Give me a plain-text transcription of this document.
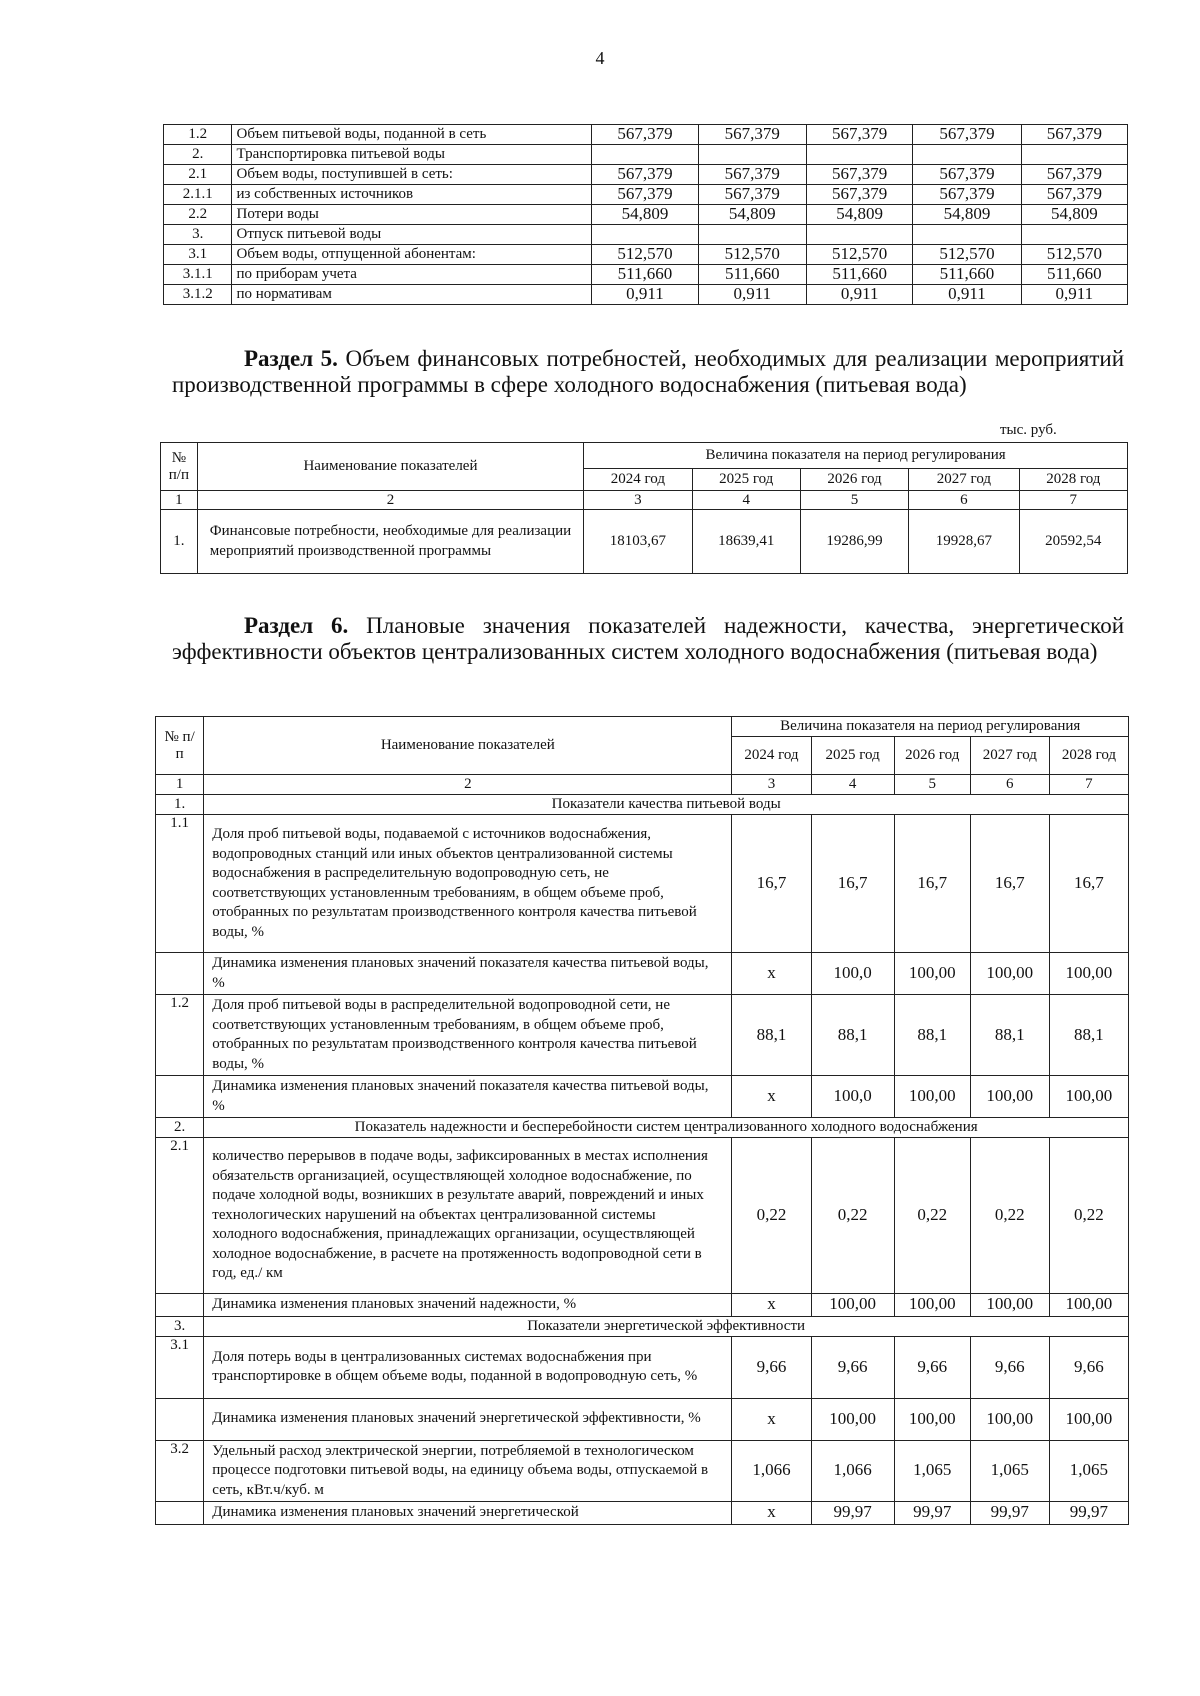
4
1.2	Объем питьевой воды, поданной в сеть	567,379	567,379	567,379	567,379	567,379
2.	Транспортировка питьевой воды					
2.1	Объем воды, поступившей в сеть:	567,379	567,379	567,379	567,379	567,379
2.1.1	из собственных источников	567,379	567,379	567,379	567,379	567,379
2.2	Потери воды	54,809	54,809	54,809	54,809	54,809
3.	Отпуск питьевой воды					
3.1	Объем воды, отпущенной абонентам:	512,570	512,570	512,570	512,570	512,570
3.1.1	по приборам учета	511,660	511,660	511,660	511,660	511,660
3.1.2	по нормативам	0,911	0,911	0,911	0,911	0,911
Раздел 5. Объем финансовых потребностей, необходимых для реализации мероприятий производственной программы в сфере холодного водоснабжения (питьевая вода)
тыс. руб.
№ п/п	Наименование показателей	Величина показателя на период регулирования				
		2024 год	2025 год	2026 год	2027 год	2028 год
1	2	3	4	5	6	7
1.	Финансовые потребности, необходимые для реализации мероприятий производственной программы	18103,67	18639,41	19286,99	19928,67	20592,54
Раздел 6. Плановые значения показателей надежности, качества, энергетической эффективности объектов централизованных систем холодного водоснабжения (питьевая вода)
№ п/ п	Наименование показателей	Величина показателя на период регулирования				
		2024 год	2025 год	2026 год	2027 год	2028 год
1	2	3	4	5	6	7
1.	Показатели качества питьевой воды					
1.1	Доля проб питьевой воды, подаваемой с источников водоснабжения, водопроводных станций или иных объектов централизованной системы водоснабжения в распределительную водопроводную сеть, не соответствующих установленным требованиям, в общем объеме проб, отобранных по результатам производственного контроля качества питьевой воды, %	16,7	16,7	16,7	16,7	16,7
	Динамика изменения плановых значений показателя качества питьевой воды, %	х	100,0	100,00	100,00	100,00
1.2	Доля проб питьевой воды в распределительной водопроводной сети, не соответствующих установленным требованиям, в общем объеме проб, отобранных по результатам производственного контроля качества питьевой воды, %	88,1	88,1	88,1	88,1	88,1
	Динамика изменения плановых значений показателя качества питьевой воды, %	х	100,0	100,00	100,00	100,00
2.	Показатель надежности и бесперебойности систем централизованного холодного водоснабжения					
2.1	количество перерывов в подаче воды, зафиксированных в местах исполнения обязательств организацией, осуществляющей холодное водоснабжение, по подаче холодной воды, возникших в результате аварий, повреждений и иных технологических нарушений на объектах централизованной системы холодного водоснабжения, принадлежащих организации, осуществляющей холодное водоснабжение, в расчете на протяженность водопроводной сети в год, ед./ км	0,22	0,22	0,22	0,22	0,22
	Динамика изменения плановых значений надежности, %	х	100,00	100,00	100,00	100,00
3.	Показатели энергетической эффективности					
3.1	Доля потерь воды в централизованных системах водоснабжения при транспортировке в общем объеме воды, поданной в водопроводную сеть, %	9,66	9,66	9,66	9,66	9,66
	Динамика изменения плановых значений энергетической эффективности, %	х	100,00	100,00	100,00	100,00
3.2	Удельный расход электрической энергии, потребляемой в технологическом процессе подготовки питьевой воды, на единицу объема воды, отпускаемой в сеть, кВт.ч/куб. м	1,066	1,066	1,065	1,065	1,065
	Динамика изменения плановых значений энергетической	х	99,97	99,97	99,97	99,97
